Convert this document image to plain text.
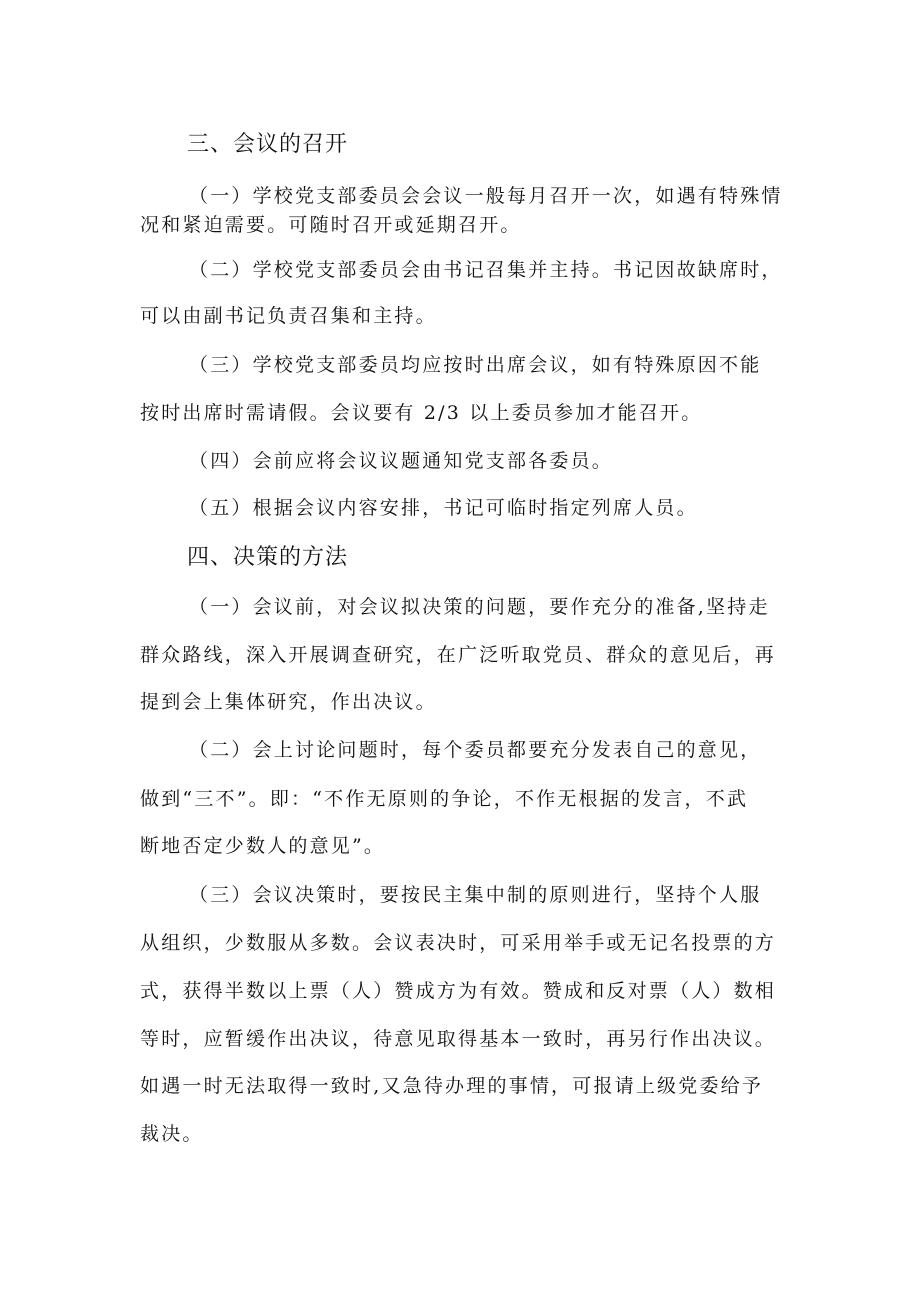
三、会议的召开
（一）学校党支部委员会会议一般每月召开一次，如遇有特殊情
况和紧迫需要。可随时召开或延期召开。
（二）学校党支部委员会由书记召集并主持。书记因故缺席时，
可以由副书记负责召集和主持。
（三）学校党支部委员均应按时出席会议，如有特殊原因不能
按时出席时需请假。会议要有 2/3 以上委员参加才能召开。
（四）会前应将会议议题通知党支部各委员。
（五）根据会议内容安排，书记可临时指定列席人员。
四、决策的方法
（一）会议前，对会议拟决策的问题，要作充分的准备,坚持走
群众路线，深入开展调查研究，在广泛听取党员、群众的意见后，再
提到会上集体研究，作出决议。
（二）会上讨论问题时，每个委员都要充分发表自己的意见，
做到“三不”。即：“不作无原则的争论，不作无根据的发言，不武
断地否定少数人的意见”。
（三）会议决策时，要按民主集中制的原则进行，坚持个人服
从组织，少数服从多数。会议表决时，可采用举手或无记名投票的方
式，获得半数以上票（人）赞成方为有效。赞成和反对票（人）数相
等时，应暂缓作出决议，待意见取得基本一致时，再另行作出决议。
如遇一时无法取得一致时,又急待办理的事情，可报请上级党委给予
裁决。
